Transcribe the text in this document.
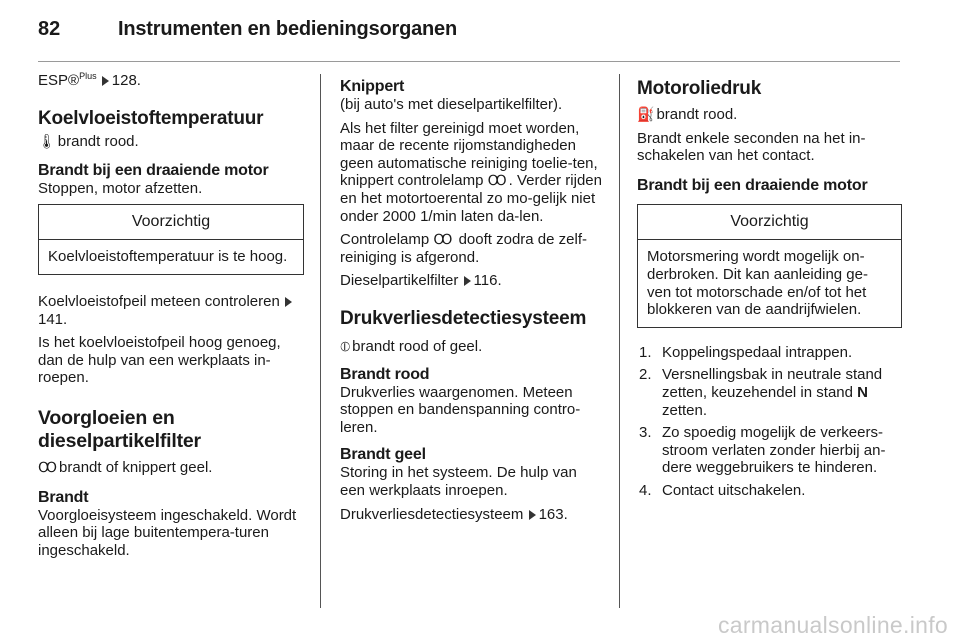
82	Instrumenten en bedieningsorganen

ESP®$^{Plus}$ 128.

Koelvloeistoftemperatuur

🌡 brandt rood.

Brandt bij een draaiende motor

Stoppen, motor afzetten.

Voorzichtig
Koelvloeistoftemperatuur is te hoog.

Koelvloeistofpeil meteen controleren 141.

Is het koelvloeistofpeil hoog genoeg, dan de hulp van een werkplaats in-roepen.

Voorgloeien en
dieselpartikelfilter

Ꝏ brandt of knippert geel.

Brandt

Voorgloeisysteem ingeschakeld. Wordt alleen bij lage buitentempera-turen ingeschakeld.

Knippert

(bij auto's met dieselpartikelfilter).

Als het filter gereinigd moet worden, maar de recente rijomstandigheden geen automatische reiniging toelie-ten, knippert controlelamp Ꝏ . Verder rijden en het motortoerental zo mo-gelijk niet onder 2000 1/min laten da-len.

Controlelamp Ꝏ dooft zodra de zelf-reiniging is afgerond.

Dieselpartikelfilter 116.

Drukverliesdetectiesysteem

⦶ brandt rood of geel.

Brandt rood

Drukverlies waargenomen. Meteen stoppen en bandenspanning contro-leren.

Brandt geel

Storing in het systeem. De hulp van een werkplaats inroepen.

Drukverliesdetectiesysteem 163.

Motoroliedruk

⛽ brandt rood.

Brandt enkele seconden na het in-schakelen van het contact.

Brandt bij een draaiende motor
Voorzichtig
Motorsmering wordt mogelijk on-derbroken. Dit kan aanleiding ge-ven tot motorschade en/of tot het blokkeren van de aandrijfwielen.
1. Koppelingspedaal intrappen.
2. Versnellingsbak in neutrale stand zetten, keuzehendel in stand N zetten.
3. Zo spoedig mogelijk de verkeers-stroom verlaten zonder hierbij an-dere weggebruikers te hinderen.
4. Contact uitschakelen.
carmanualsonline.info
